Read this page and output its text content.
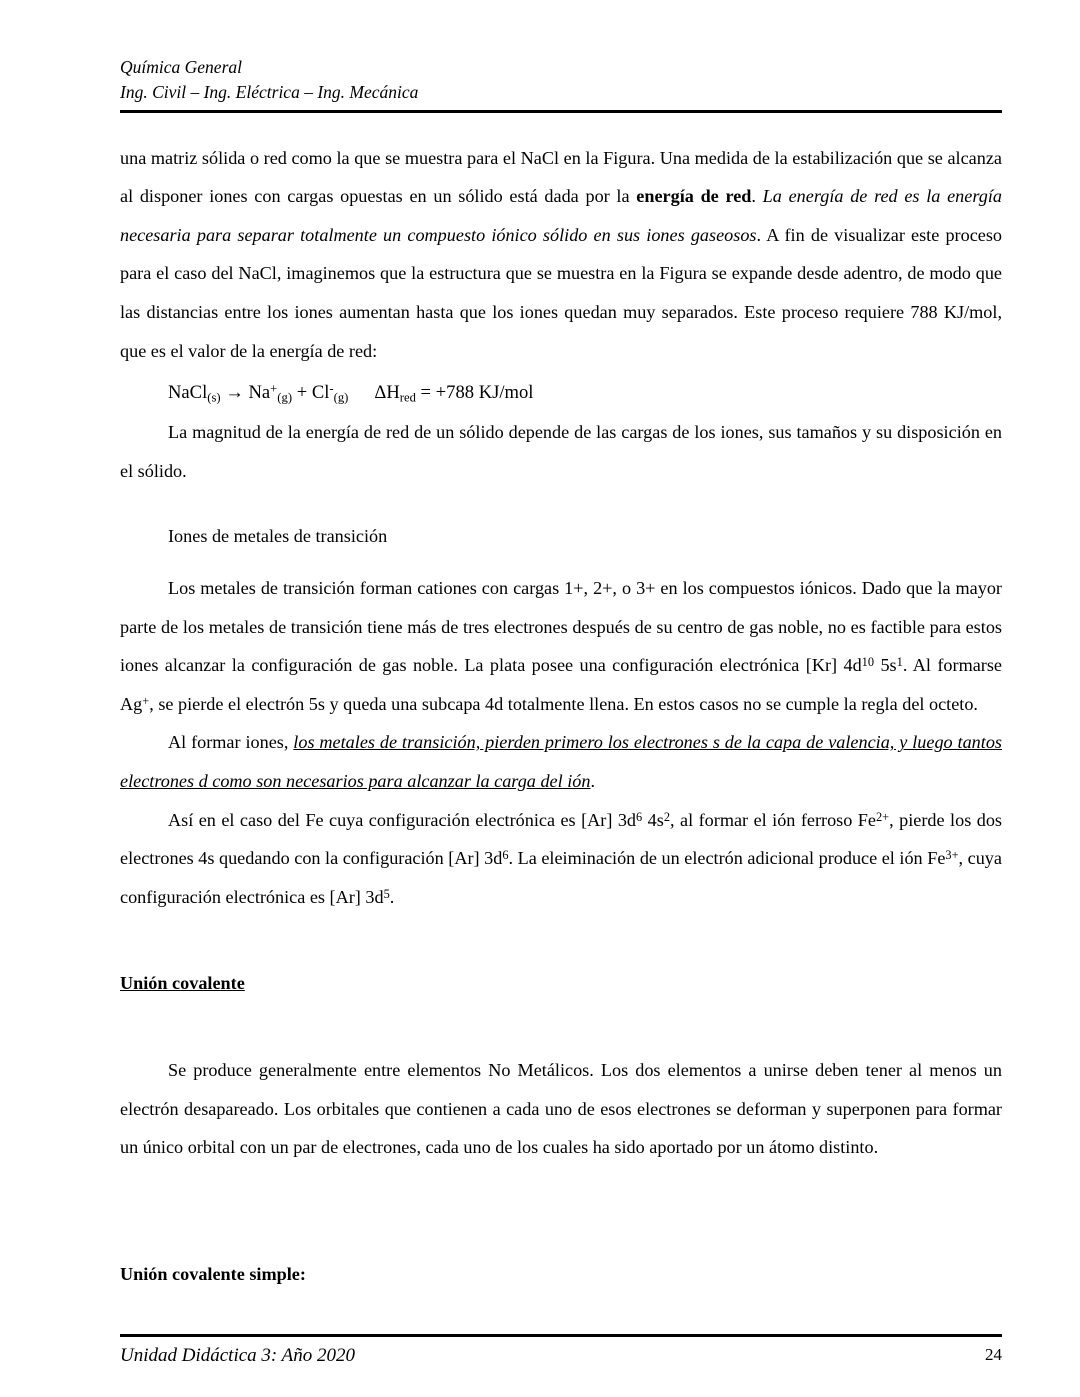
Química General
Ing. Civil – Ing. Eléctrica – Ing. Mecánica

una matriz sólida o red como la que se muestra para el NaCl en la Figura. Una medida de la estabilización que se alcanza al disponer iones con cargas opuestas en un sólido está dada por la energía de red. La energía de red es la energía necesaria para separar totalmente un compuesto iónico sólido en sus iones gaseosos. A fin de visualizar este proceso para el caso del NaCl, imaginemos que la estructura que se muestra en la Figura se expande desde adentro, de modo que las distancias entre los iones aumentan hasta que los iones quedan muy separados. Este proceso requiere 788 KJ/mol, que es el valor de la energía de red:

NaCl$_{(s)}$ → $Na^+_{(g)} + Cl^-_{(g)}$ $\Delta H_{red} = +788$ KJ/mol

La magnitud de la energía de red de un sólido depende de las cargas de los iones, sus tamaños y su disposición en el sólido.

Iones de metales de transición

Los metales de transición forman cationes con cargas 1+, 2+, o 3+ en los compuestos iónicos. Dado que la mayor parte de los metales de transición tiene más de tres electrones después de su centro de gas noble, no es factible para estos iones alcanzar la configuración de gas noble. La plata posee una configuración electrónica [Kr] $4d^{10}$ $5s^1$. Al formarse Ag+, se pierde el electrón 5s y queda una subcapa 4d totalmente llena. En estos casos no se cumple la regla del octeto.

Al formar iones, los metales de transición, pierden primero los electrones s de la capa de valencia, y luego tantos electrones d como son necesarios para alcanzar la carga del ión.

Así en el caso del Fe cuya configuración electrónica es [Ar] $3d^6$ $4s^2$, al formar el ión ferroso $Fe^{2+}$, pierde los dos electrones 4s quedando con la configuración [Ar] $3d^6$. La eleiminación de un electrón adicional produce el ión $Fe^{3+}$, cuya configuración electrónica es [Ar] $3d^5$.

Unión covalente

Se produce generalmente entre elementos No Metálicos. Los dos elementos a unirse deben tener al menos un electrón desapareado. Los orbitales que contienen a cada uno de esos electrones se deforman y superponen para formar un único orbital con un par de electrones, cada uno de los cuales ha sido aportado por un átomo distinto.

Unión covalente simple:

Unidad Didáctica 3: Año 2020	24
